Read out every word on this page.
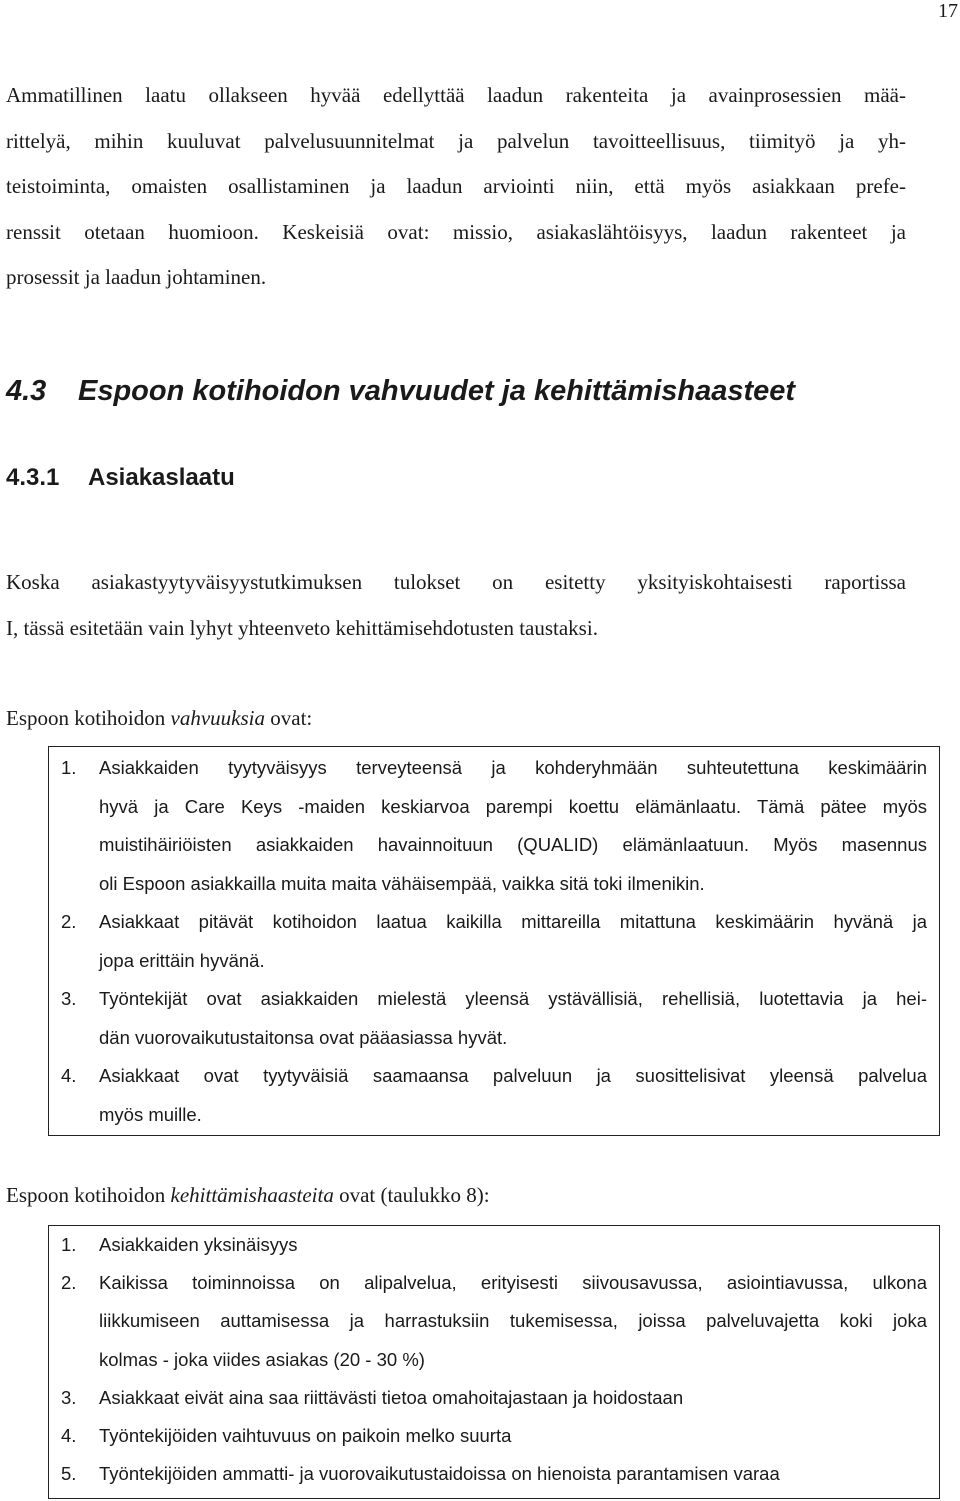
17

Ammatillinen laatu ollakseen hyvää edellyttää laadun rakenteita ja avainprosessien mää-
rittelyä, mihin kuuluvat palvelusuunnitelmat ja palvelun tavoitteellisuus, tiimityö ja yh-
teistoiminta, omaisten osallistaminen ja laadun arviointi niin, että myös asiakkaan prefe-
renssit otetaan huomioon. Keskeisiä ovat: missio, asiakaslähtöisyys, laadun rakenteet ja
prosessit ja laadun johtaminen.

4.3 Espoon kotihoidon vahvuudet ja kehittämishaasteet
4.3.1 Asiakaslaatu

Koska asiakastyytyväisyystutkimuksen tulokset on esitetty yksityiskohtaisesti raportissa
I, tässä esitetään vain lyhyt yhteenveto kehittämisehdotusten taustaksi.

Espoon kotihoidon vahvuuksia ovat:

1. Asiakkaiden tyytyväisyys terveyteensä ja kohderyhmään suhteutettuna keskimäärin
hyvä ja Care Keys -maiden keskiarvoa parempi koettu elämänlaatu. Tämä pätee myös
muistihäiriöisten asiakkaiden havainnoituun (QUALID) elämänlaatuun. Myös masennus
oli Espoon asiakkailla muita maita vähäisempää, vaikka sitä toki ilmenikin.
2. Asiakkaat pitävät kotihoidon laatua kaikilla mittareilla mitattuna keskimäärin hyvänä ja
jopa erittäin hyvänä.
3. Työntekijät ovat asiakkaiden mielestä yleensä ystävällisiä, rehellisiä, luotettavia ja hei-
dän vuorovaikutustaitonsa ovat pääasiassa hyvät.
4. Asiakkaat ovat tyytyväisiä saamaansa palveluun ja suosittelisivat yleensä palvelua
myös muille.

Espoon kotihoidon kehittämishaasteita ovat (taulukko 8):

1. Asiakkaiden yksinäisyys
2. Kaikissa toiminnoissa on alipalvelua, erityisesti siivousavussa, asiointiavussa, ulkona
liikkumiseen auttamisessa ja harrastuksiin tukemisessa, joissa palveluvajetta koki joka
kolmas - joka viides asiakas (20 - 30 %)
3. Asiakkaat eivät aina saa riittävästi tietoa omahoitajastaan ja hoidostaan
4. Työntekijöiden vaihtuvuus on paikoin melko suurta
5. Työntekijöiden ammatti- ja vuorovaikutustaidoissa on hienoista parantamisen varaa
